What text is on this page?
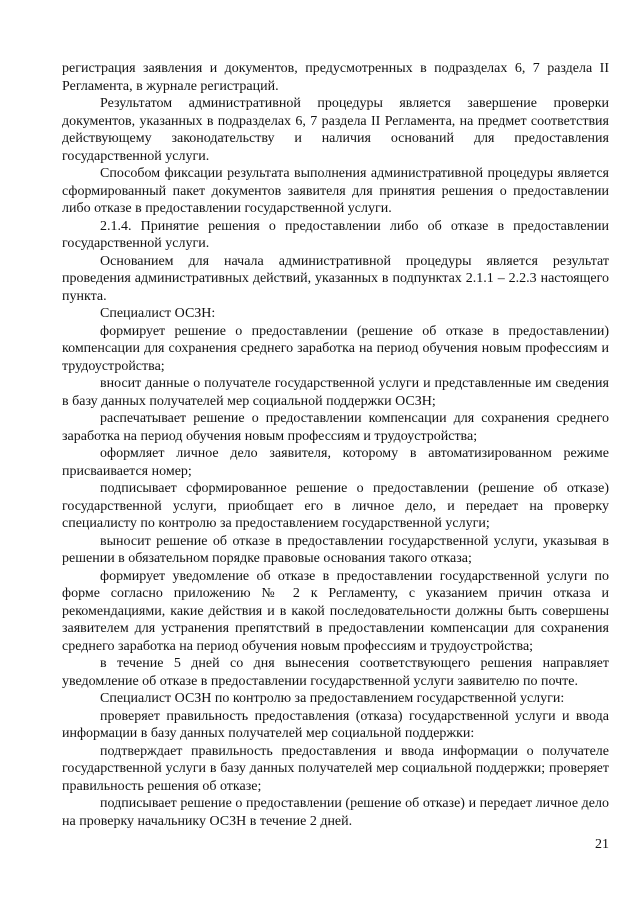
регистрация заявления и документов, предусмотренных в подразделах 6, 7 раздела II Регламента, в журнале регистраций.

Результатом административной процедуры является завершение проверки документов, указанных в подразделах 6, 7 раздела II Регламента, на предмет соответствия действующему законодательству и наличия оснований для предоставления государственной услуги.

Способом фиксации результата выполнения административной процедуры является сформированный пакет документов заявителя для принятия решения о предоставлении либо отказе в предоставлении государственной услуги.

2.1.4. Принятие решения о предоставлении либо об отказе в предоставлении государственной услуги.

Основанием для начала административной процедуры является результат проведения административных действий, указанных в подпунктах 2.1.1 – 2.2.3 настоящего пункта.

Специалист ОСЗН:

формирует решение о предоставлении (решение об отказе в предоставлении) компенсации для сохранения среднего заработка на период обучения новым профессиям и трудоустройства;

вносит данные о получателе государственной услуги и представленные им сведения в базу данных получателей мер социальной поддержки ОСЗН;

распечатывает решение о предоставлении компенсации для сохранения среднего заработка на период обучения новым профессиям и трудоустройства;

оформляет личное дело заявителя, которому в автоматизированном режиме присваивается номер;

подписывает сформированное решение о предоставлении (решение об отказе) государственной услуги, приобщает его в личное дело, и передает на проверку специалисту по контролю за предоставлением государственной услуги;

выносит решение об отказе в предоставлении государственной услуги, указывая в решении в обязательном порядке правовые основания такого отказа;

формирует уведомление об отказе в предоставлении государственной услуги по форме согласно приложению № 2 к Регламенту, с указанием причин отказа и рекомендациями, какие действия и в какой последовательности должны быть совершены заявителем для устранения препятствий в предоставлении компенсации для сохранения среднего заработка на период обучения новым профессиям и трудоустройства;

в течение 5 дней со дня вынесения соответствующего решения направляет уведомление об отказе в предоставлении государственной услуги заявителю по почте.

Специалист ОСЗН по контролю за предоставлением государственной услуги:

проверяет правильность предоставления (отказа) государственной услуги и ввода информации в базу данных получателей мер социальной поддержки:

подтверждает правильность предоставления и ввода информации о получателе государственной услуги в базу данных получателей мер социальной поддержки; проверяет правильность решения об отказе;

подписывает решение о предоставлении (решение об отказе) и передает личное дело на проверку начальнику ОСЗН в течение 2 дней.

21
